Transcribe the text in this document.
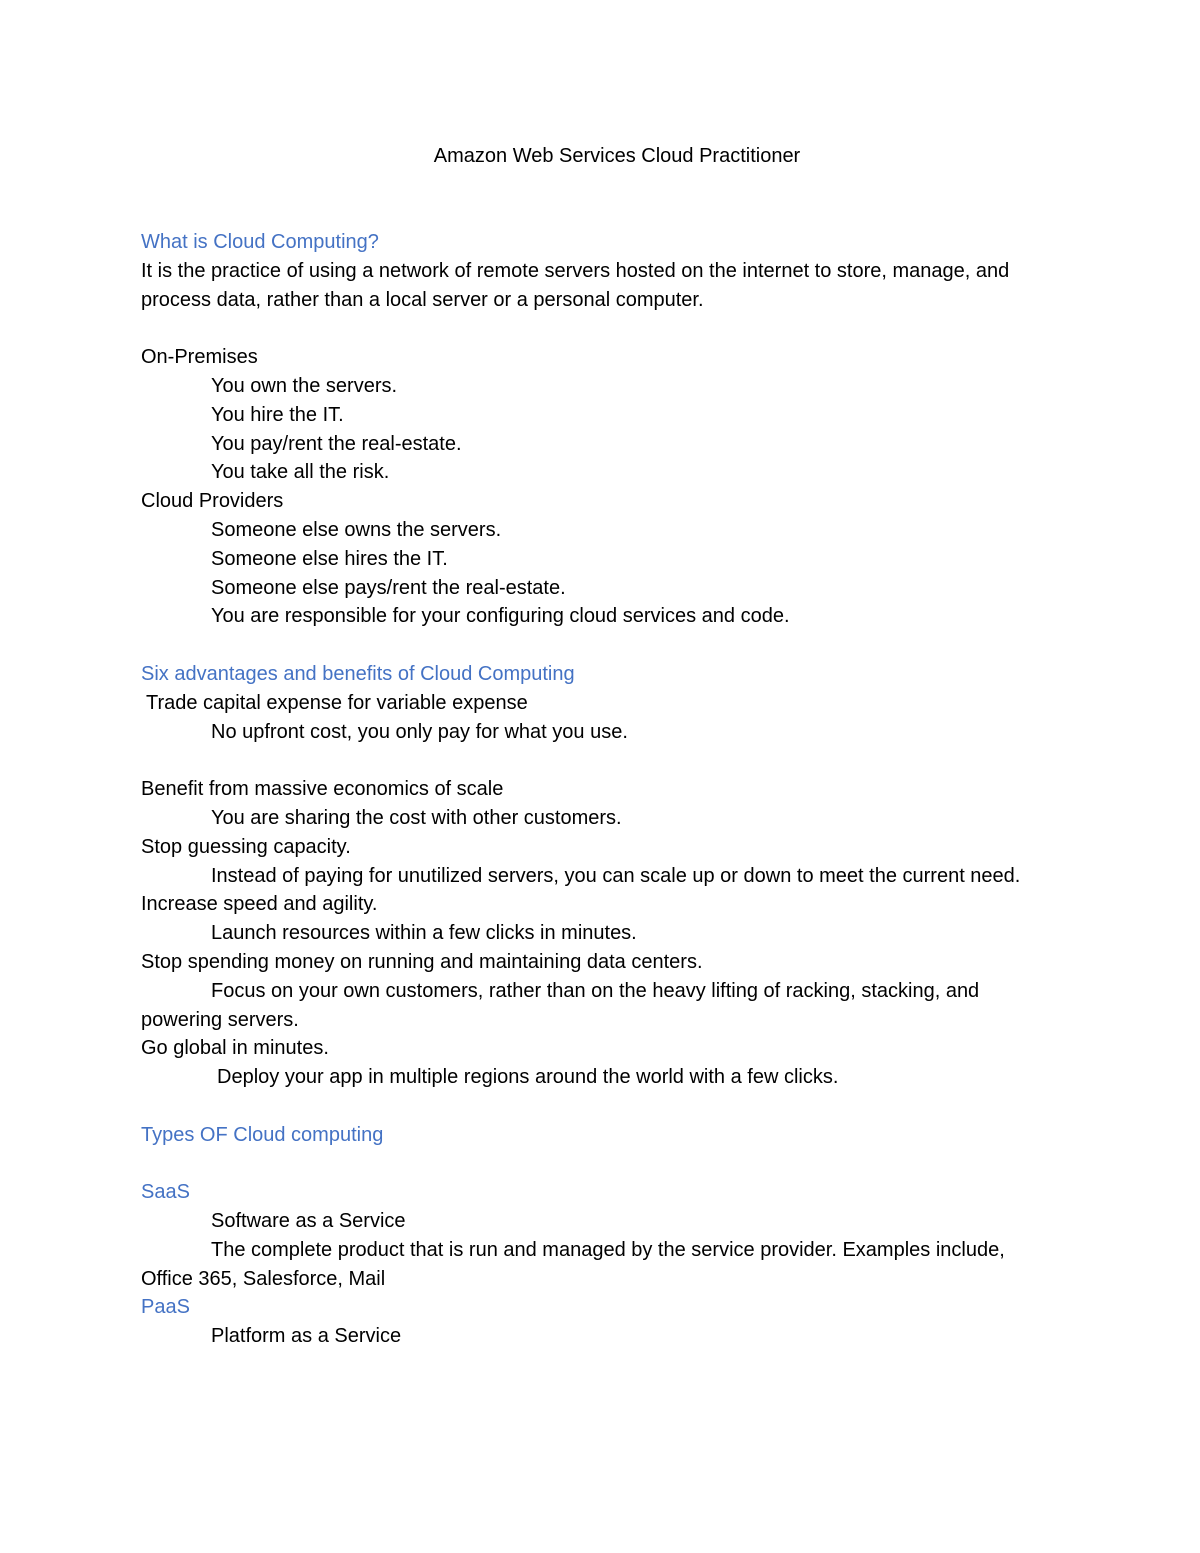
Amazon Web Services Cloud Practitioner
What is Cloud Computing?
It is the practice of using a network of remote servers hosted on the internet to store, manage, and process data, rather than a local server or a personal computer.
On-Premises
You own the servers.
You hire the IT.
You pay/rent the real-estate.
You take all the risk.
Cloud Providers
Someone else owns the servers.
Someone else hires the IT.
Someone else pays/rent the real-estate.
You are responsible for your configuring cloud services and code.
Six advantages and benefits of Cloud Computing
Trade capital expense for variable expense
No upfront cost, you only pay for what you use.
Benefit from massive economics of scale
You are sharing the cost with other customers.
Stop guessing capacity.
Instead of paying for unutilized servers, you can scale up or down to meet the current need.
Increase speed and agility.
Launch resources within a few clicks in minutes.
Stop spending money on running and maintaining data centers.
Focus on your own customers, rather than on the heavy lifting of racking, stacking, and powering servers.
Go global in minutes.
Deploy your app in multiple regions around the world with a few clicks.
Types OF Cloud computing
SaaS
Software as a Service
The complete product that is run and managed by the service provider. Examples include, Office 365, Salesforce, Mail
PaaS
Platform as a Service
